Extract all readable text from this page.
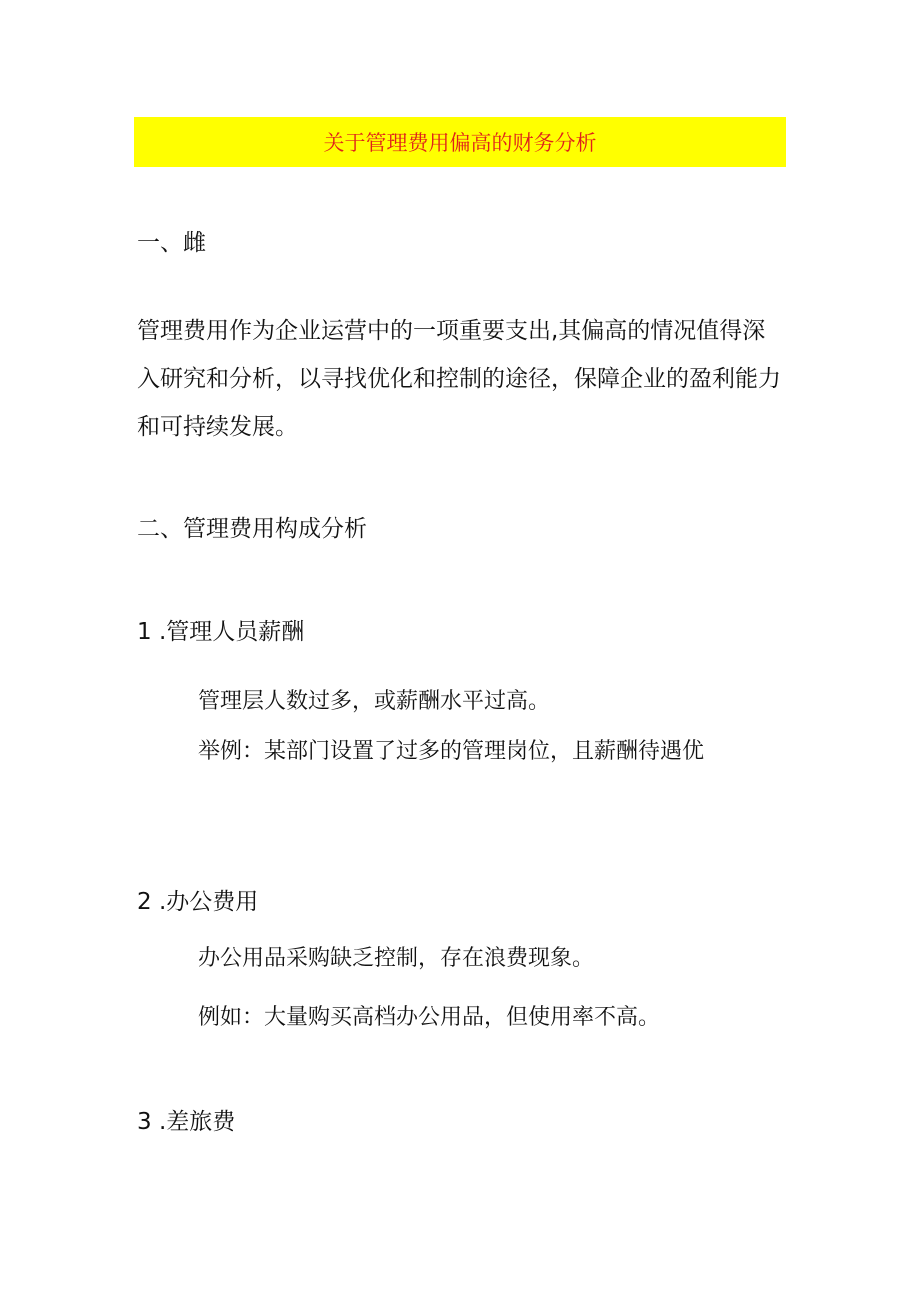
关于管理费用偏高的财务分析
一、雌
管理费用作为企业运营中的一项重要支出,其偏高的情况值得深
入研究和分析，以寻找优化和控制的途径，保障企业的盈利能力
和可持续发展。
二、管理费用构成分析
1 .管理人员薪酬
管理层人数过多，或薪酬水平过高。
举例：某部门设置了过多的管理岗位，且薪酬待遇优
2 .办公费用
办公用品采购缺乏控制，存在浪费现象。
例如：大量购买高档办公用品，但使用率不高。
3 .差旅费
